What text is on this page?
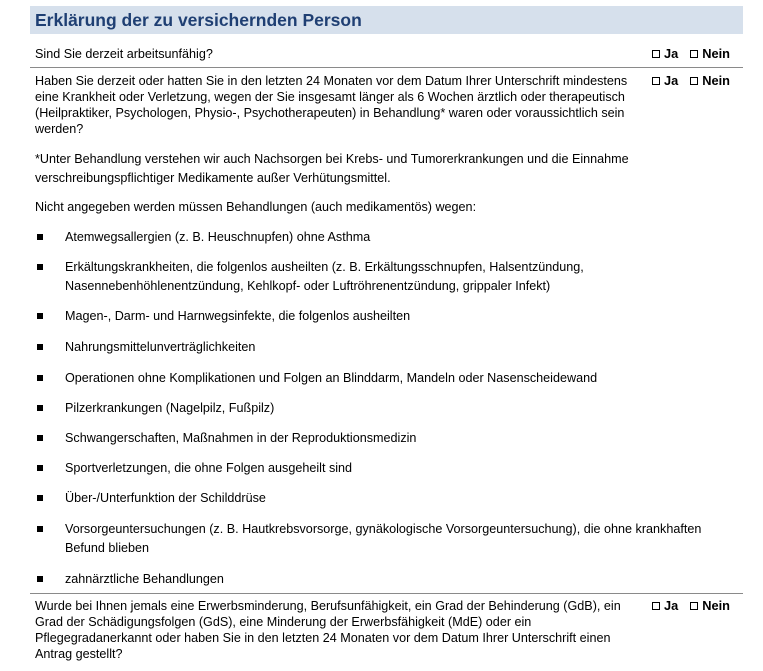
Erklärung der zu versichernden Person
Sind Sie derzeit arbeitsunfähig?	Ja Nein
Haben Sie derzeit oder hatten Sie in den letzten 24 Monaten vor dem Datum Ihrer Unterschrift mindestens eine Krankheit oder Verletzung, wegen der Sie insgesamt länger als 6 Wochen ärztlich oder therapeutisch (Heilpraktiker, Psychologen, Physio-, Psychotherapeuten) in Behandlung* waren oder voraussichtlich sein werden?
Ja Nein

*Unter Behandlung verstehen wir auch Nachsorgen bei Krebs- und Tumorerkrankungen und die Einnahme verschreibungspflichtiger Medikamente außer Verhütungsmittel.

Nicht angegeben werden müssen Behandlungen (auch medikamentös) wegen:

Atemwegsallergien (z. B. Heuschnupfen) ohne Asthma
Erkältungskrankheiten, die folgenlos ausheilten (z. B. Erkältungsschnupfen, Halsentzündung, Nasennebenhöhlenentzündung, Kehlkopf- oder Luftröhrenentzündung, grippaler Infekt)
Magen-, Darm- und Harnwegsinfekte, die folgenlos ausheilten
Nahrungsmittelunverträglichkeiten
Operationen ohne Komplikationen und Folgen an Blinddarm, Mandeln oder Nasenscheidewand
Pilzerkrankungen (Nagelpilz, Fußpilz)
Schwangerschaften, Maßnahmen in der Reproduktionsmedizin
Sportverletzungen, die ohne Folgen ausgeheilt sind
Über-/Unterfunktion der Schilddrüse
Vorsorgeuntersuchungen (z. B. Hautkrebsvorsorge, gynäkologische Vorsorgeuntersuchung), die ohne krankhaften Befund blieben
zahnärztliche Behandlungen
Wurde bei Ihnen jemals eine Erwerbsminderung, Berufsunfähigkeit, ein Grad der Behinderung (GdB), ein Grad der Schädigungsfolgen (GdS), eine Minderung der Erwerbsfähigkeit (MdE) oder ein Pflegegradanerkannt oder haben Sie in den letzten 24 Monaten vor dem Datum Ihrer Unterschrift einen Antrag gestellt?
Ja Nein
